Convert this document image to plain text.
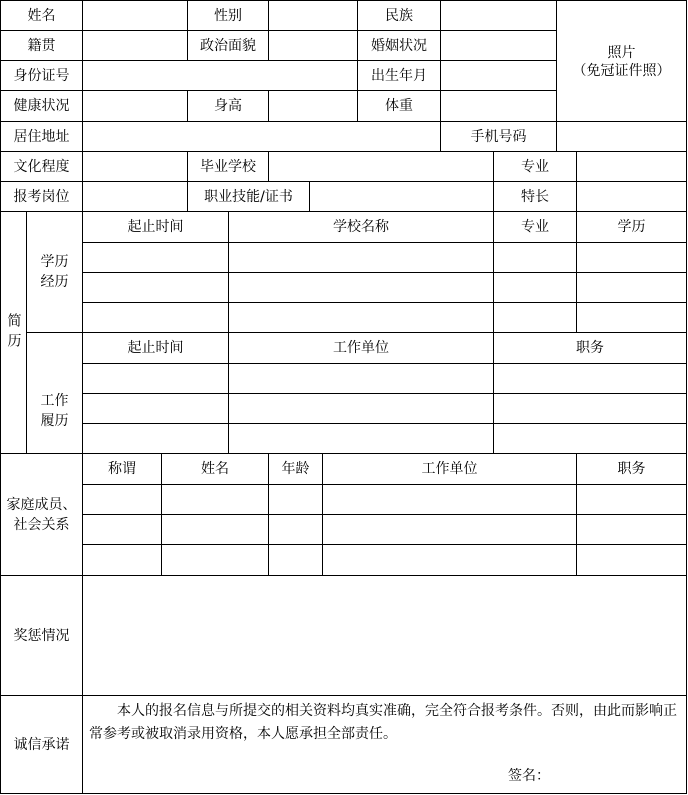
姓名	性别	民族
照片
（免冠证件照）
籍贯	政治面貌	婚姻状况
身份证号	出生年月
健康状况	身高	体重
居住地址	手机号码
文化程度	毕业学校	专业
报考岗位	职业技能/证书	特长
简历
学历
经历
起止时间	学校名称	专业	学历
工作
履历
起止时间	工作单位	职务
家庭成员、
社会关系
称谓	姓名	年龄	工作单位	职务
奖惩情况
诚信承诺
本人的报名信息与所提交的相关资料均真实准确，完全符合报考条件。否则，由此而影响正常参考或被取消录用资格，本人愿承担全部责任。
签名：
